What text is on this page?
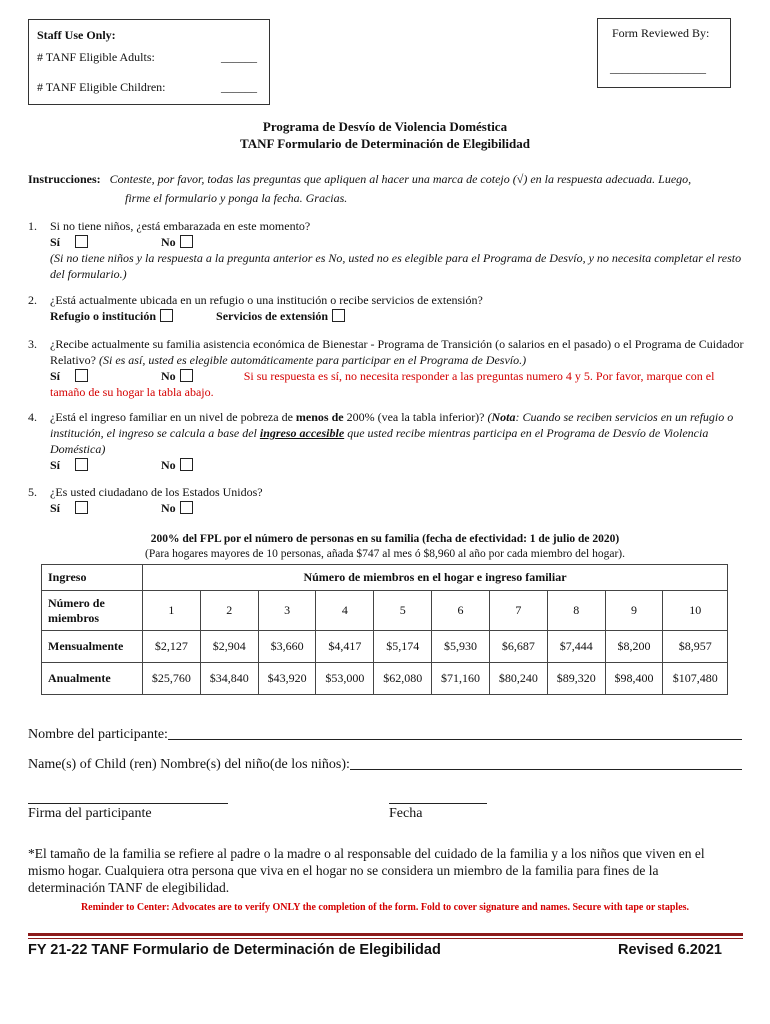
Staff Use Only:
# TANF Eligible Adults:	______
# TANF Eligible Children:	______
Form Reviewed By:
________________
Programa de Desvío de Violencia Doméstica
TANF Formulario de Determinación de Elegibilidad
Instrucciones: Conteste, por favor, todas las preguntas que apliquen al hacer una marca de cotejo (√) en la respuesta adecuada. Luego,
firme el formulario y ponga la fecha. Gracias.
1. Si no tiene niños, ¿está embarazada en este momento?
Sí	No
(Si no tiene niños y la respuesta a la pregunta anterior es No, usted no es elegible para el Programa de Desvío, y no necesita completar el resto del formulario.)
2. ¿Está actualmente ubicada en un refugio o una institución o recibe servicios de extensión?
Refugio o institución	Servicios de extensión
3. ¿Recibe actualmente su familia asistencia económica de Bienestar - Programa de Transición (o salarios en el pasado) o el Programa de Cuidador Relativo? (Si es así, usted es elegible automáticamente para participar en el Programa de Desvío.)
Sí	No	Si su respuesta es sí, no necesita responder a las preguntas numero 4 y 5. Por favor, marque con el tamaño de su hogar la tabla abajo.
4. ¿Está el ingreso familiar en un nivel de pobreza de menos de 200% (vea la tabla inferior)? (Nota: Cuando se reciben servicios en un refugio o institución, el ingreso se calcula a base del ingreso accesible que usted recibe mientras participa en el Programa de Desvío de Violencia Doméstica)
Sí	No
5. ¿Es usted ciudadano de los Estados Unidos?
Sí	No
200% del FPL por el número de personas en su familia (fecha de efectividad: 1 de julio de 2020)
(Para hogares mayores de 10 personas, añada $747 al mes ó $8,960 al año por cada miembro del hogar).
Ingreso	Número de miembros en el hogar e ingreso familiar									
Número de miembros	1	2	3	4	5	6	7	8	9	10
Mensualmente	$2,127	$2,904	$3,660	$4,417	$5,174	$5,930	$6,687	$7,444	$8,200	$8,957
Anualmente	$25,760	$34,840	$43,920	$53,000	$62,080	$71,160	$80,240	$89,320	$98,400	$107,480
Nombre del participante:
Name(s) of Child (ren) Nombre(s) del niño(de los niños):
Firma del participante	Fecha
*El tamaño de la familia se refiere al padre o la madre o al responsable del cuidado de la familia y a los niños que viven en el mismo hogar. Cualquiera otra persona que viva en el hogar no se considera un miembro de la familia para fines de la determinación TANF de elegibilidad.
Reminder to Center: Advocates are to verify ONLY the completion of the form. Fold to cover signature and names. Secure with tape or staples.
FY 21-22 TANF Formulario de Determinación de Elegibilidad	Revised 6.2021
